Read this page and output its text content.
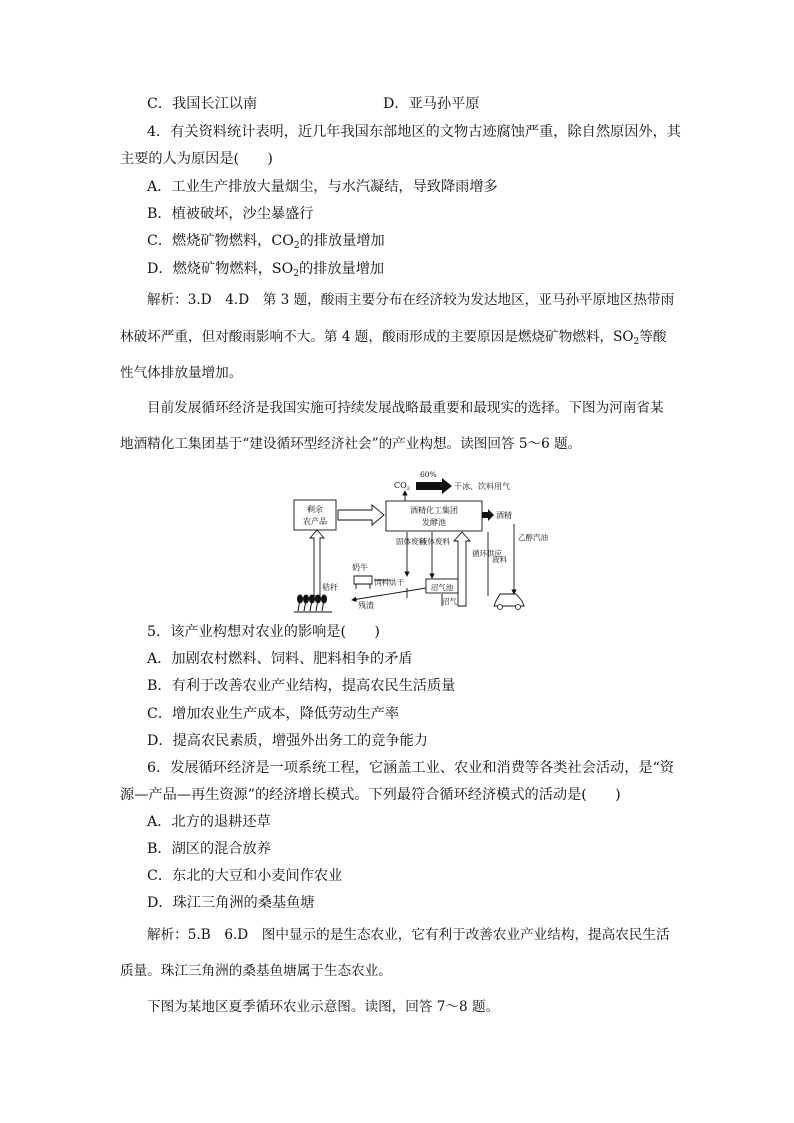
C．我国长江以南	D．亚马孙平原
4．有关资料统计表明，近几年我国东部地区的文物古迹腐蚀严重，除自然原因外，其
主要的人为原因是(　　)
A．工业生产排放大量烟尘，与水汽凝结，导致降雨增多
B．植被破坏，沙尘暴盛行
C．燃烧矿物燃料，$CO_2$的排放量增加
D．燃烧矿物燃料，$SO_2$的排放量增加
解析：3.D　4.D　第 3 题，酸雨主要分布在经济较为发达地区，亚马孙平原地区热带雨
林破坏严重，但对酸雨影响不大。第 4 题，酸雨形成的主要原因是燃烧矿物燃料，$SO_2$等酸
性气体排放量增加。
目前发展循环经济是我国实施可持续发展战略最重要和最现实的选择。下图为河南省某
地酒精化工集团基于“建设循环型经济社会”的产业构想。读图回答 5～6 题。
$CO_2$
60%
干冰、饮料用气
剩余
农产品
酒精化工集团
发酵池
酒精
固体废料
液体废料
循环供应
液料
乙醇汽油
饲料烘干
沼气池
残渣	沼气
奶牛
秸秆
5．该产业构想对农业的影响是(　　)
A．加剧农村燃料、饲料、肥料相争的矛盾
B．有利于改善农业产业结构，提高农民生活质量
C．增加农业生产成本，降低劳动生产率
D．提高农民素质，增强外出务工的竞争能力
6．发展循环经济是一项系统工程，它涵盖工业、农业和消费等各类社会活动，是“资
源—产品—再生资源”的经济增长模式。下列最符合循环经济模式的活动是(　　)
A．北方的退耕还草
B．湖区的混合放养
C．东北的大豆和小麦间作农业
D．珠江三角洲的桑基鱼塘
解析：5.B　6.D　图中显示的是生态农业，它有利于改善农业产业结构，提高农民生活
质量。珠江三角洲的桑基鱼塘属于生态农业。
下图为某地区夏季循环农业示意图。读图，回答 7～8 题。
